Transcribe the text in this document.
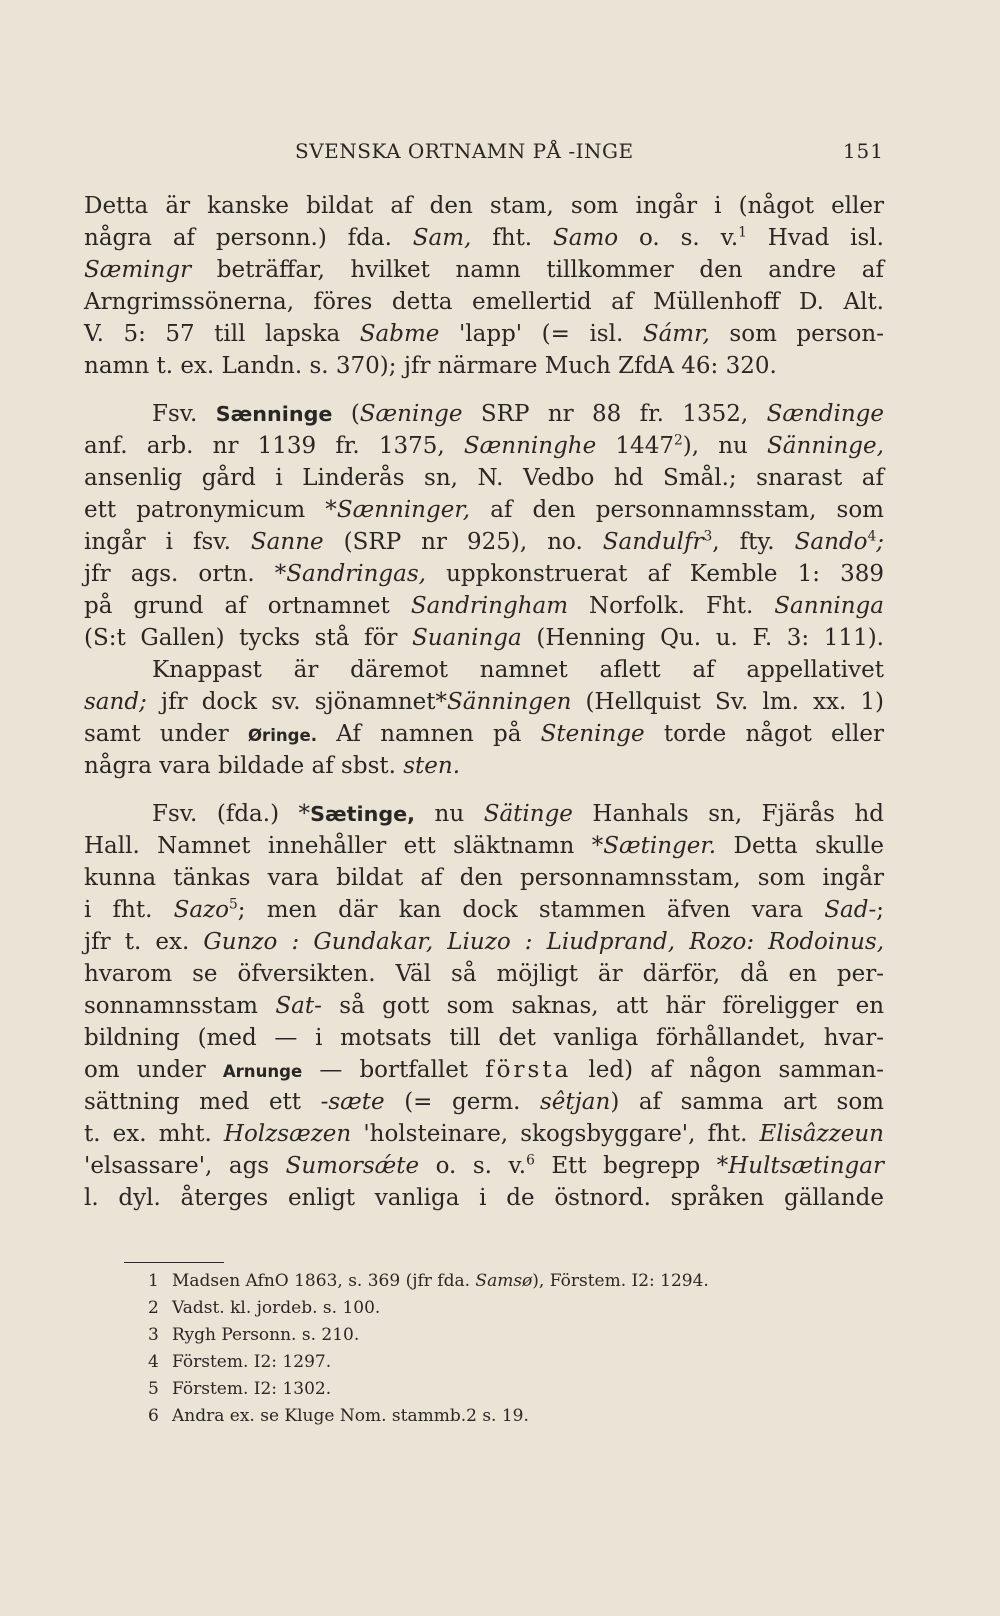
SVENSKA ORTNAMN PÅ -INGE	151
Detta är kanske bildat af den stam, som ingår i (något eller
några af personn.) fda. Sam, fht. Samo o. s. v.$^1$ Hvad isl.
Sæmingr beträffar, hvilket namn tillkommer den andre af
Arngrimssönerna, föres detta emellertid af Müllenhoff D. Alt.
V. 5: 57 till lapska Sabme 'lapp' (= isl. Sámr, som person-
namn t. ex. Landn. s. 370); jfr närmare Much ZfdA 46: 320.
Fsv. Sænninge (Sæninge SRP nr 88 fr. 1352, Sændinge
anf. arb. nr 1139 fr. 1375, Sænninghe 1447$^2$), nu Sänninge,
ansenlig gård i Linderås sn, N. Vedbo hd Smål.; snarast af
ett patronymicum *Sænninger, af den personnamnsstam, som
ingår i fsv. Sanne (SRP nr 925), no. Sandulfr$^3$, fty. Sando$^4$;
jfr ags. ortn. *Sandringas, uppkonstruerat af Kemble 1: 389
på grund af ortnamnet Sandringham Norfolk. Fht. Sanninga
(S:t Gallen) tycks stå för Suaninga (Henning Qu. u. F. 3: 111).
Knappast är däremot namnet aflett af appellativet
sand; jfr dock sv. sjönamnet*Sänningen (Hellquist Sv. lm. xx. 1)
samt under Øringe. Af namnen på Steninge torde något eller
några vara bildade af sbst. sten.
Fsv. (fda.) *Sætinge, nu Sätinge Hanhals sn, Fjärås hd
Hall. Namnet innehåller ett släktnamn *Sætinger. Detta skulle
kunna tänkas vara bildat af den personnamnsstam, som ingår
i fht. Sazo$^5$; men där kan dock stammen äfven vara Sad-;
jfr t. ex. Gunzo : Gundakar, Liuzo : Liudprand, Rozo: Rodoinus,
hvarom se öfversikten. Väl så möjligt är därför, då en per-
sonnamnsstam Sat- så gott som saknas, att här föreligger en
bildning (med — i motsats till det vanliga förhållandet, hvar-
om under Arnunge — bortfallet första led) af någon samman-
sättning med ett -sæte (= germ. sêtjan) af samma art som
t. ex. mht. Holzsæzen 'holsteinare, skogsbyggare', fht. Elisâzzeun
'elsassare', ags Sumorsǽte o. s. v.$^6$ Ett begrepp *Hultsætingar
l. dyl. återges enligt vanliga i de östnord. språken gällande
1 Madsen AfnO 1863, s. 369 (jfr fda. Samsø), Förstem. I2: 1294.
2 Vadst. kl. jordeb. s. 100.
3 Rygh Personn. s. 210.
4 Förstem. I2: 1297.
5 Förstem. I2: 1302.
6 Andra ex. se Kluge Nom. stammb.2 s. 19.
